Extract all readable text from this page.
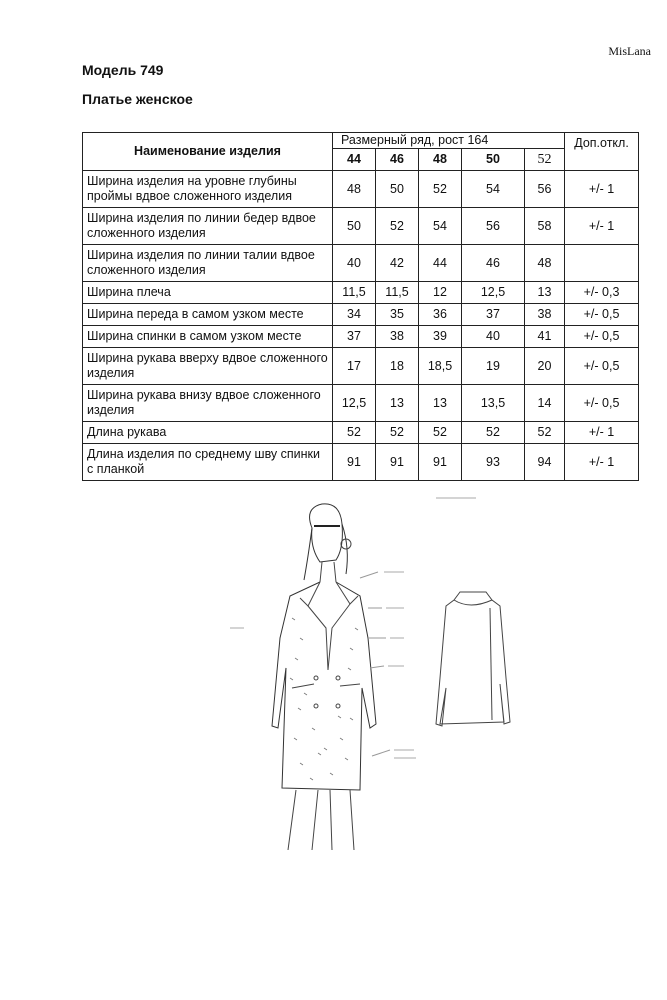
MisLana
Модель 749
Платье женское
Наименование изделия	Размерный ряд, рост 164					Доп.откл.
	44	46	48	50	52	
Ширина изделия на уровне глубины проймы вдвое сложенного изделия	48	50	52	54	56	+/- 1
Ширина изделия по линии бедер вдвое сложенного изделия	50	52	54	56	58	+/- 1
Ширина изделия по линии талии вдвое сложенного изделия	40	42	44	46	48	
Ширина плеча	11,5	11,5	12	12,5	13	+/- 0,3
Ширина переда в самом узком месте	34	35	36	37	38	+/- 0,5
Ширина спинки в самом узком месте	37	38	39	40	41	+/- 0,5
Ширина рукава вверху вдвое сложенного изделия	17	18	18,5	19	20	+/- 0,5
Ширина рукава внизу вдвое сложенного изделия	12,5	13	13	13,5	14	+/- 0,5
Длина рукава	52	52	52	52	52	+/- 1
Длина изделия по среднему шву спинки с планкой	91	91	91	93	94	+/- 1
